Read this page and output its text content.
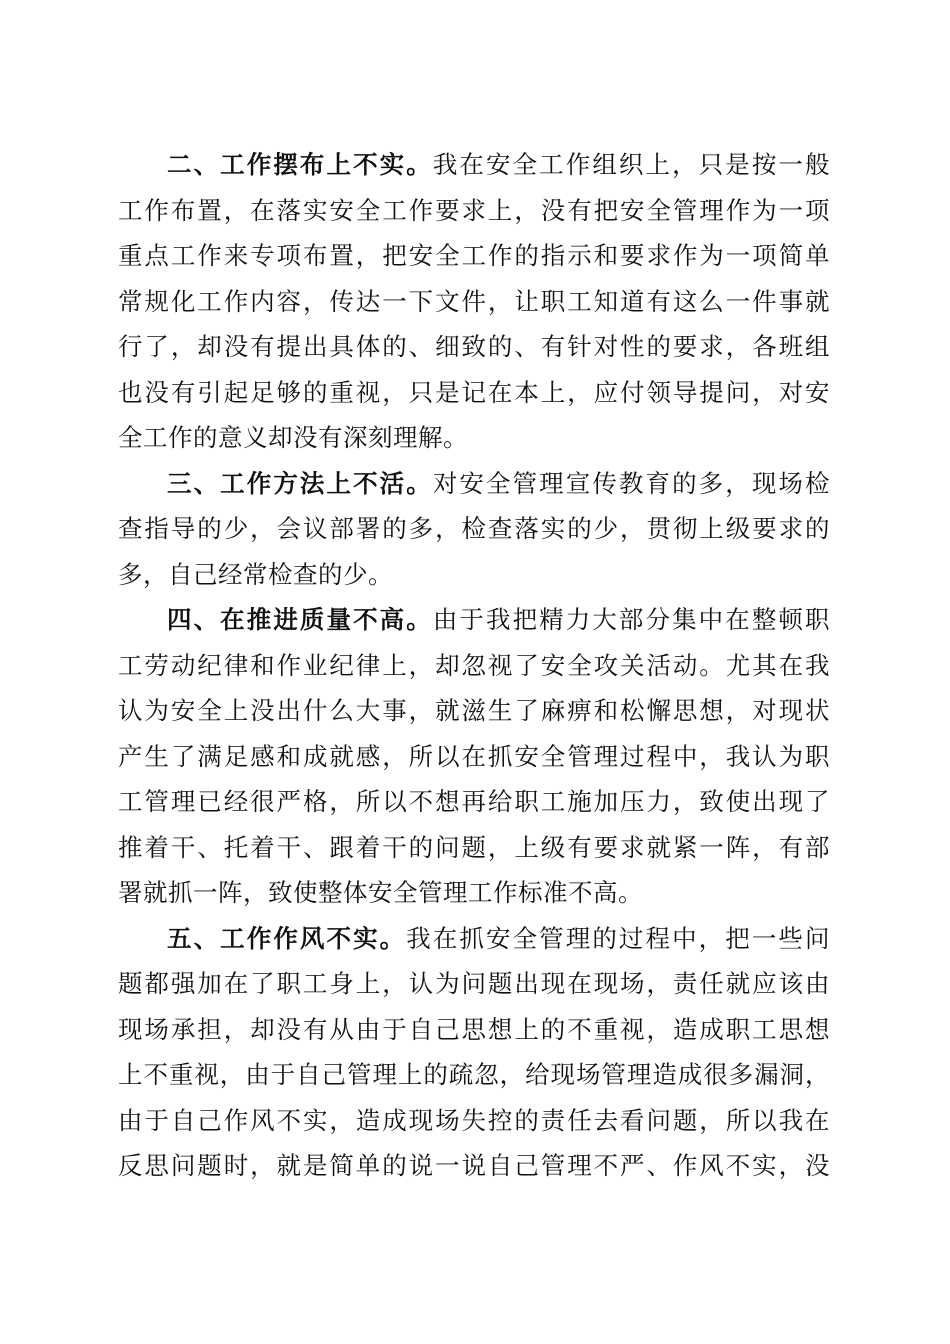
二、工作摆布上不实。我在安全工作组织上，只是按一般
工作布置，在落实安全工作要求上，没有把安全管理作为一项
重点工作来专项布置，把安全工作的指示和要求作为一项简单
常规化工作内容，传达一下文件，让职工知道有这么一件事就
行了，却没有提出具体的、细致的、有针对性的要求，各班组
也没有引起足够的重视，只是记在本上，应付领导提问，对安
全工作的意义却没有深刻理解。
三、工作方法上不活。对安全管理宣传教育的多，现场检
查指导的少，会议部署的多，检查落实的少，贯彻上级要求的
多，自己经常检查的少。
四、在推进质量不高。由于我把精力大部分集中在整顿职
工劳动纪律和作业纪律上，却忽视了安全攻关活动。尤其在我
认为安全上没出什么大事，就滋生了麻痹和松懈思想，对现状
产生了满足感和成就感，所以在抓安全管理过程中，我认为职
工管理已经很严格，所以不想再给职工施加压力，致使出现了
推着干、托着干、跟着干的问题，上级有要求就紧一阵，有部
署就抓一阵，致使整体安全管理工作标准不高。
五、工作作风不实。我在抓安全管理的过程中，把一些问
题都强加在了职工身上，认为问题出现在现场，责任就应该由
现场承担，却没有从由于自己思想上的不重视，造成职工思想
上不重视，由于自己管理上的疏忽，给现场管理造成很多漏洞，
由于自己作风不实，造成现场失控的责任去看问题，所以我在
反思问题时，就是简单的说一说自己管理不严、作风不实，没
